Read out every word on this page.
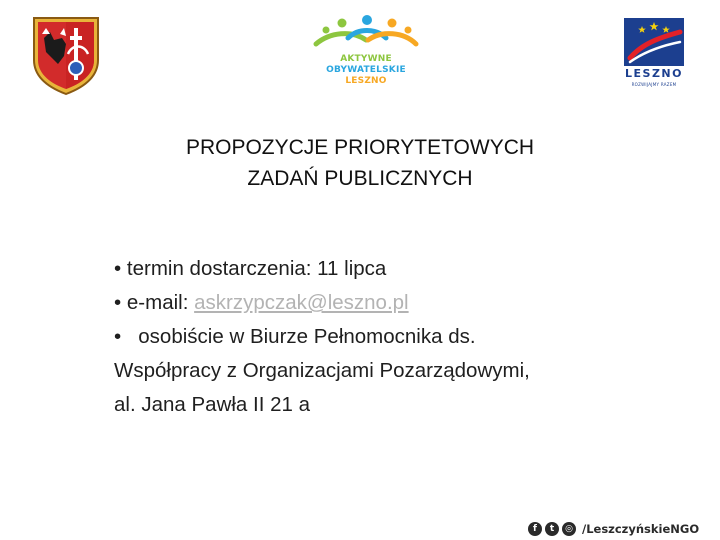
AKTYWNE
OBYWATELSKIE
LESZNO
LESZNO
ROZWIJAJMY RAZEM
PROPOZYCJE PRIORYTETOWYCH
ZADAŃ PUBLICZNYCH

• termin dostarczenia: 11 lipca

• e-mail: askrzypczak@leszno.pl

• osobiście w Biurze Pełnomocnika ds.

Współpracy z Organizacjami Pozarządowymi,

al. Jana Pawła II 21 a

f	t	◎ /LeszczyńskieNGO
